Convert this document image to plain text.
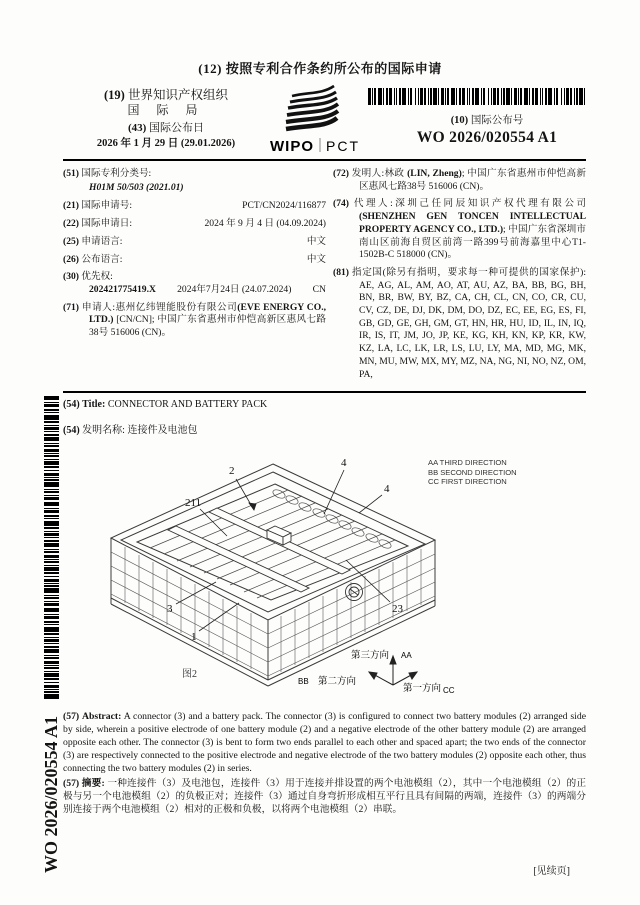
(12) 按照专利合作条约所公布的国际申请
(19) 世界知识产权组织
国 际 局
(43) 国际公布日
2026 年 1 月 29 日 (29.01.2026)	WIPO PCT
(10) 国际公布号
WO 2026/020554 A1
(51) 国际专利分类号:
H01M 50/503 (2021.01)
(21) 国际申请号:	PCT/CN2024/116877
(22) 国际申请日:	2024 年 9 月 4 日 (04.09.2024)
(25) 申请语言:	中文
(26) 公布语言:	中文
(30) 优先权:
202421775419.X 2024年7月24日 (24.07.2024) CN
(71) 申请人:惠州亿纬锂能股份有限公司(EVE ENERGY CO., LTD.) [CN/CN]; 中国广东省惠州市仲恺高新区惠风七路38号 516006 (CN)。
(72) 发明人:林政 (LIN, Zheng); 中国广东省惠州市仲恺高新区惠风七路38号 516006 (CN)。
(74) 代理人:深圳己任同辰知识产权代理有限公司(SHENZHEN GEN TONCEN INTELLECTUAL PROPERTY AGENCY CO., LTD.); 中国广东省深圳市南山区前海自贸区前湾一路399号前海嘉里中心T1-1502B-C 518000 (CN)。
(81) 指定国(除另有指明，要求每一种可提供的国家保护): AE, AG, AL, AM, AO, AT, AU, AZ, BA, BB, BG, BH, BN, BR, BW, BY, BZ, CA, CH, CL, CN, CO, CR, CU, CV, CZ, DE, DJ, DK, DM, DO, DZ, EC, EE, EG, ES, FI, GB, GD, GE, GH, GM, GT, HN, HR, HU, ID, IL, IN, IQ, IR, IS, IT, JM, JO, JP, KE, KG, KH, KN, KP, KR, KW, KZ, LA, LC, LK, LR, LS, LU, LY, MA, MD, MG, MK, MN, MU, MW, MX, MY, MZ, NA, NG, NI, NO, NZ, OM, PA,
(54) Title: CONNECTOR AND BATTERY PACK
(54) 发明名称: 连接件及电池包
AA THIRD DIRECTION
BB SECOND DIRECTION
CC FIRST DIRECTION
2
4
4
211
3
1
23
第三方向 AA
BB 第二方向
第一方向 CC
图2
(57) Abstract: A connector (3) and a battery pack. The connector (3) is configured to connect two battery modules (2) arranged side by side, wherein a positive electrode of one battery module (2) and a negative electrode of the other battery module (2) are arranged opposite each other. The connector (3) is bent to form two ends parallel to each other and spaced apart; the two ends of the connector (3) are respectively connected to the positive electrode and negative electrode of the two battery modules (2) opposite each other, thus connecting the two battery modules (2) in series.
(57) 摘要: 一种连接件（3）及电池包，连接件（3）用于连接并排设置的两个电池模组（2），其中一个电池模组（2）的正极与另一个电池模组（2）的负极正对；连接件（3）通过自身弯折形成相互平行且具有间隔的两端，连接件（3）的两端分别连接于两个电池模组（2）相对的正极和负极，以将两个电池模组（2）串联。
WO 2026/020554 A1	[见续页]
